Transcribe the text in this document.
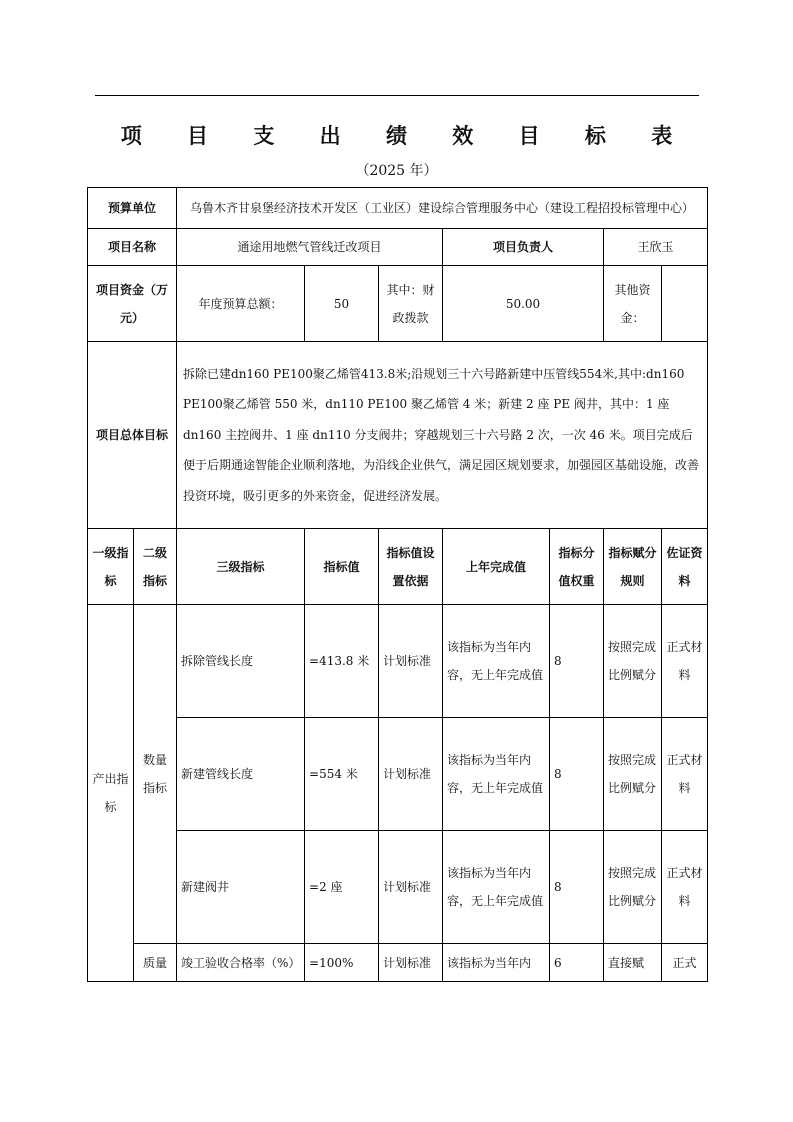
项 目 支 出 绩 效 目 标 表
（2025 年）
预算单位		乌鲁木齐甘泉堡经济技术开发区（工业区）建设综合管理服务中心（建设工程招投标管理中心）						
项目名称		通途用地燃气管线迁改项目			项目负责人		王欣玉	
项目资金（万元）		年度预算总额：	50	其中：财政拨款	50.00		其他资金：	
项目总体目标		拆除已建dn160 PE100聚乙烯管413.8米;沿规划三十六号路新建中压管线554米,其中:dn160 PE100聚乙烯管 550 米，dn110 PE100 聚乙烯管 4 米；新建 2 座 PE 阀井，其中：1 座 dn160 主控阀井、1 座 dn110 分支阀井；穿越规划三十六号路 2 次，一次 46 米。项目完成后便于后期通途智能企业顺利落地，为沿线企业供气，满足园区规划要求，加强园区基础设施，改善投资环境，吸引更多的外来资金，促进经济发展。						
一级指标	二级指标	三级指标	指标值	指标值设置依据	上年完成值	指标分值权重	指标赋分规则	佐证资料
产出指标	数量指标	拆除管线长度	=413.8 米	计划标准	该指标为当年内容，无上年完成值	8	按照完成比例赋分	正式材料
		新建管线长度	=554 米	计划标准	该指标为当年内容，无上年完成值	8	按照完成比例赋分	正式材料
		新建阀井	=2 座	计划标准	该指标为当年内容，无上年完成值	8	按照完成比例赋分	正式材料
	质量	竣工验收合格率（%）	=100%	计划标准	该指标为当年内	6	直接赋	正式
